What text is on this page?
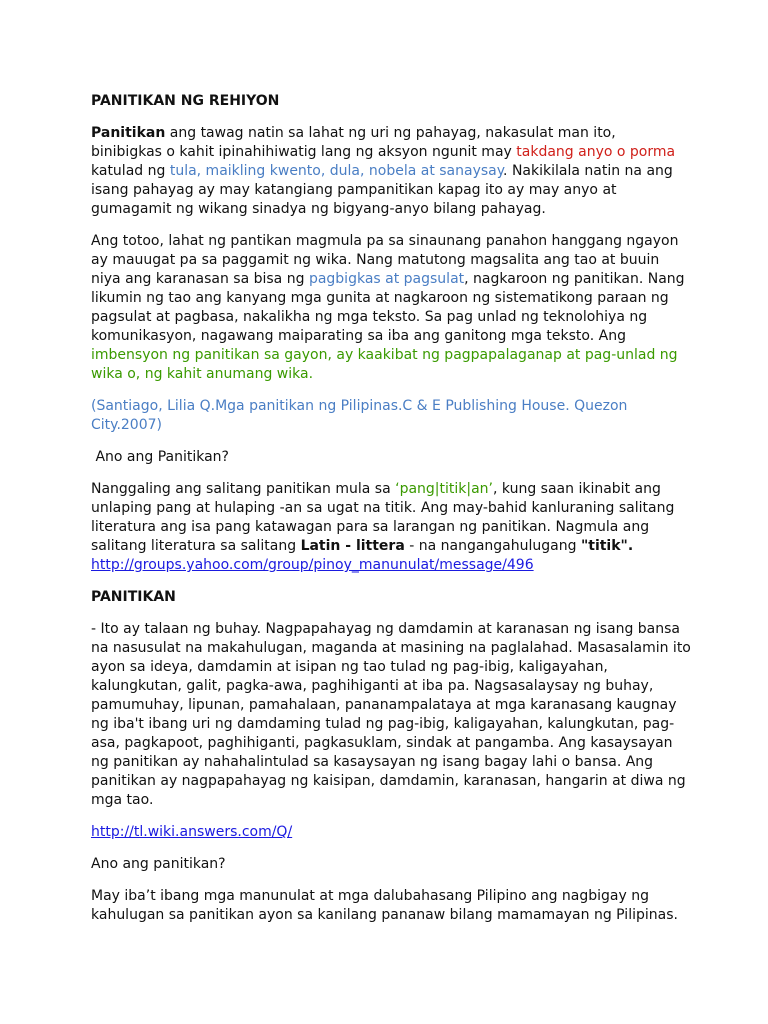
PANITIKAN NG REHIYON

Panitikan ang tawag natin sa lahat ng uri ng pahayag, nakasulat man ito, binibigkas o kahit ipinahihiwatig lang ng aksyon ngunit may takdang anyo o porma katulad ng tula, maikling kwento, dula, nobela at sanaysay. Nakikilala natin na ang isang pahayag ay may katangiang pampanitikan kapag ito ay may anyo at gumagamit ng wikang sinadya ng bigyang-anyo bilang pahayag.

Ang totoo, lahat ng pantikan magmula pa sa sinaunang panahon hanggang ngayon ay mauugat pa sa paggamit ng wika. Nang matutong magsalita ang tao at buuin niya ang karanasan sa bisa ng pagbigkas at pagsulat, nagkaroon ng panitikan. Nang likumin ng tao ang kanyang mga gunita at nagkaroon ng sistematikong paraan ng pagsulat at pagbasa, nakalikha ng mga teksto. Sa pag unlad ng teknolohiya ng komunikasyon, nagawang maiparating sa iba ang ganitong mga teksto. Ang imbensyon ng panitikan sa gayon, ay kaakibat ng pagpapalaganap at pag-unlad ng wika o, ng kahit anumang wika.

(Santiago, Lilia Q.Mga panitikan ng Pilipinas.C & E Publishing House. Quezon City.2007)

Ano ang Panitikan?

Nanggaling ang salitang panitikan mula sa ‘pang|titik|an’, kung saan ikinabit ang unlaping pang at hulaping -an sa ugat na titik. Ang may-bahid kanluraning salitang literatura ang isa pang katawagan para sa larangan ng panitikan. Nagmula ang salitang literatura sa salitang Latin - littera - na nangangahulugang "titik".
http://groups.yahoo.com/group/pinoy_manunulat/message/496

PANITIKAN

- Ito ay talaan ng buhay. Nagpapahayag ng damdamin at karanasan ng isang bansa na nasusulat na makahulugan, maganda at masining na paglalahad. Masasalamin ito ayon sa ideya, damdamin at isipan ng tao tulad ng pag-ibig, kaligayahan, kalungkutan, galit, pagka-awa, paghihiganti at iba pa. Nagsasalaysay ng buhay, pamumuhay, lipunan, pamahalaan, pananampalataya at mga karanasang kaugnay ng iba't ibang uri ng damdaming tulad ng pag-ibig, kaligayahan, kalungkutan, pag-asa, pagkapoot, paghihiganti, pagkasuklam, sindak at pangamba. Ang kasaysayan ng panitikan ay nahahalintulad sa kasaysayan ng isang bagay lahi o bansa. Ang panitikan ay nagpapahayag ng kaisipan, damdamin, karanasan, hangarin at diwa ng mga tao.

http://tl.wiki.answers.com/Q/

Ano ang panitikan?

May iba’t ibang mga manunulat at mga dalubahasang Pilipino ang nagbigay ng kahulugan sa panitikan ayon sa kanilang pananaw bilang mamamayan ng Pilipinas.
